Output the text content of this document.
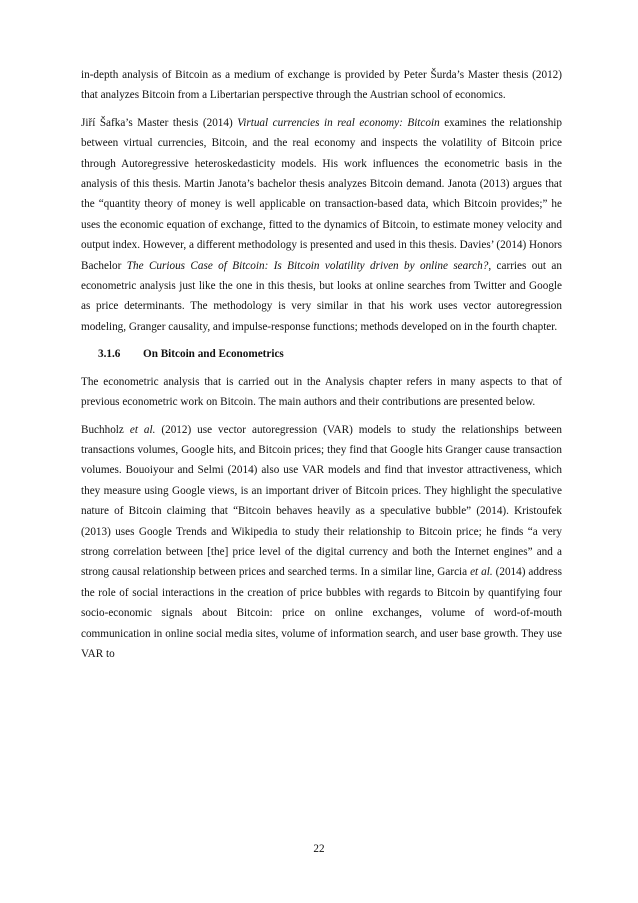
in-depth analysis of Bitcoin as a medium of exchange is provided by Peter Šurda’s Master thesis (2012) that analyzes Bitcoin from a Libertarian perspective through the Austrian school of economics.

Jiří Šafka’s Master thesis (2014) Virtual currencies in real economy: Bitcoin examines the relationship between virtual currencies, Bitcoin, and the real economy and inspects the volatility of Bitcoin price through Autoregressive heteroskedasticity models. His work influences the econometric basis in the analysis of this thesis. Martin Janota’s bachelor thesis analyzes Bitcoin demand. Janota (2013) argues that the “quantity theory of money is well applicable on transaction-based data, which Bitcoin provides;” he uses the economic equation of exchange, fitted to the dynamics of Bitcoin, to estimate money velocity and output index. However, a different methodology is presented and used in this thesis. Davies’ (2014) Honors Bachelor The Curious Case of Bitcoin: Is Bitcoin volatility driven by online search?, carries out an econometric analysis just like the one in this thesis, but looks at online searches from Twitter and Google as price determinants. The methodology is very similar in that his work uses vector autoregression modeling, Granger causality, and impulse-response functions; methods developed on in the fourth chapter.

3.1.6 On Bitcoin and Econometrics

The econometric analysis that is carried out in the Analysis chapter refers in many aspects to that of previous econometric work on Bitcoin. The main authors and their contributions are presented below.

Buchholz et al. (2012) use vector autoregression (VAR) models to study the relationships between transactions volumes, Google hits, and Bitcoin prices; they find that Google hits Granger cause transaction volumes. Bouoiyour and Selmi (2014) also use VAR models and find that investor attractiveness, which they measure using Google views, is an important driver of Bitcoin prices. They highlight the speculative nature of Bitcoin claiming that “Bitcoin behaves heavily as a speculative bubble” (2014). Kristoufek (2013) uses Google Trends and Wikipedia to study their relationship to Bitcoin price; he finds “a very strong correlation between [the] price level of the digital currency and both the Internet engines” and a strong causal relationship between prices and searched terms. In a similar line, Garcia et al. (2014) address the role of social interactions in the creation of price bubbles with regards to Bitcoin by quantifying four socio-economic signals about Bitcoin: price on online exchanges, volume of word-of-mouth communication in online social media sites, volume of information search, and user base growth. They use VAR to

22
